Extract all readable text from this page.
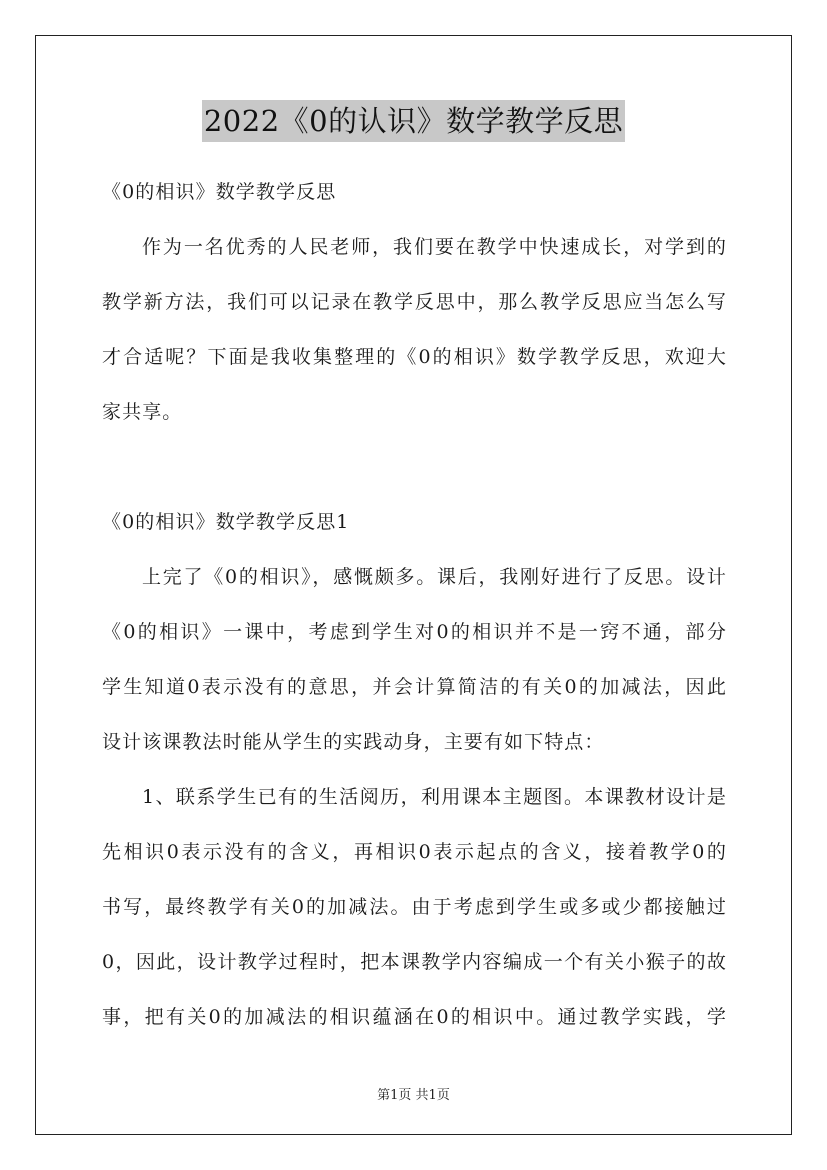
2022《0的认识》数学教学反思
《0的相识》数学教学反思
作为一名优秀的人民老师，我们要在教学中快速成长，对学到的
教学新方法，我们可以记录在教学反思中，那么教学反思应当怎么写
才合适呢？下面是我收集整理的《0的相识》数学教学反思，欢迎大
家共享。
《0的相识》数学教学反思1
上完了《0的相识》，感慨颇多。课后，我刚好进行了反思。设计
《0的相识》一课中，考虑到学生对0的相识并不是一窍不通，部分
学生知道0表示没有的意思，并会计算简洁的有关0的加减法，因此
设计该课教法时能从学生的实践动身，主要有如下特点：
1、联系学生已有的生活阅历，利用课本主题图。本课教材设计是
先相识0表示没有的含义，再相识0表示起点的含义，接着教学0的
书写，最终教学有关0的加减法。由于考虑到学生或多或少都接触过
0，因此，设计教学过程时，把本课教学内容编成一个有关小猴子的故
事，把有关0的加减法的相识蕴涵在0的相识中。通过教学实践，学
第1页 共1页
